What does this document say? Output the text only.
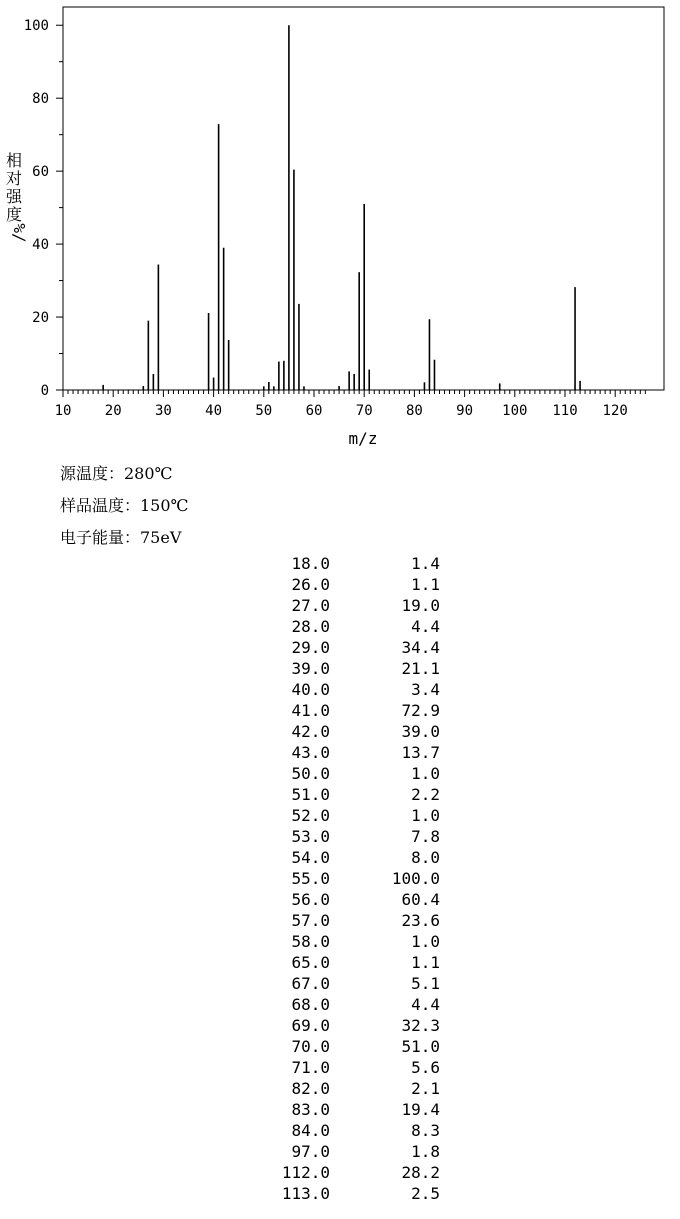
10 20 30 40 50 60 70 80 90 100 110 120
0
20
40
60
80
100
m/z
相
对
强
度
%/
源温度：280℃
样品温度：150℃
电子能量：75eV
18.0	1.4
26.0	1.1
27.0	19.0
28.0	4.4
29.0	34.4
39.0	21.1
40.0	3.4
41.0	72.9
42.0	39.0
43.0	13.7
50.0	1.0
51.0	2.2
52.0	1.0
53.0	7.8
54.0	8.0
55.0	100.0
56.0	60.4
57.0	23.6
58.0	1.0
65.0	1.1
67.0	5.1
68.0	4.4
69.0	32.3
70.0	51.0
71.0	5.6
82.0	2.1
83.0	19.4
84.0	8.3
97.0	1.8
112.0	28.2
113.0	2.5
